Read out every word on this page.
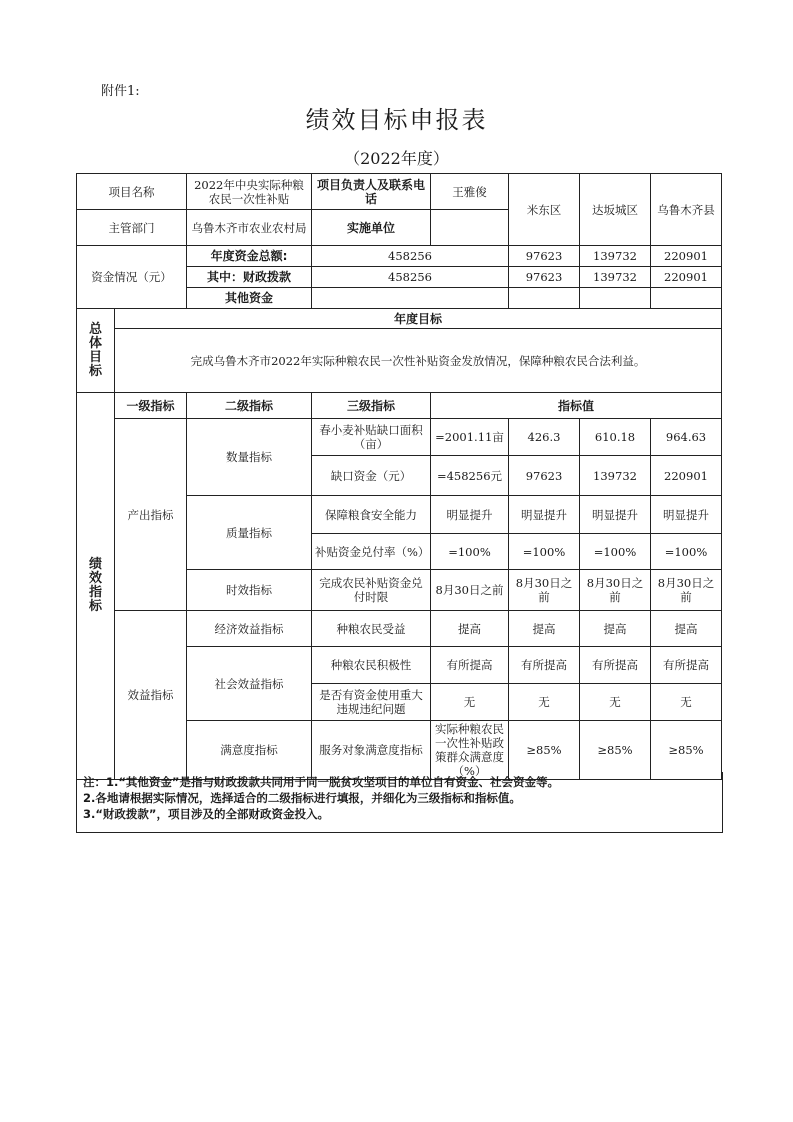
附件1:
绩效目标申报表
（2022年度）
项目名称		2022年中央实际种粮农民一次性补贴	项目负责人及联系电话	王雅俊	米东区	达坂城区	乌鲁木齐县	
主管部门		乌鲁木齐市农业农村局	实施单位					
资金情况（元）		年度资金总额:	458256		97623	139732	220901	
		其中：财政拨款	458256		97623	139732	220901	
		其他资金						

总体目标	年度目标							
	完成乌鲁木齐市2022年实际种粮农民一次性补贴资金发放情况，保障种粮农民合法利益。							

绩效指标	一级指标	二级指标	三级指标	指标值				
	产出指标	数量指标	春小麦补贴缺口面积（亩）	=2001.11亩	426.3	610.18	964.63	
			缺口资金（元）	=458256元	97623	139732	220901	
		质量指标	保障粮食安全能力	明显提升	明显提升	明显提升	明显提升	
			补贴资金兑付率（%）	=100%	=100%	=100%	=100%	
		时效指标	完成农民补贴资金兑付时限	8月30日之前	8月30日之前	8月30日之前	8月30日之前	
	效益指标	经济效益指标	种粮农民受益	提高	提高	提高	提高	
		社会效益指标	种粮农民积极性	有所提高	有所提高	有所提高	有所提高	
			是否有资金使用重大违规违纪问题	无	无	无	无	
		满意度指标	服务对象满意度指标	实际种粮农民一次性补贴政策群众满意度（%）	≥85%	≥85%	≥85%	
注：1.“其他资金”是指与财政拨款共同用于同一脱贫攻坚项目的单位自有资金、社会资金等。
2.各地请根据实际情况，选择适合的二级指标进行填报，并细化为三级指标和指标值。
3.“财政拨款”，项目涉及的全部财政资金投入。
